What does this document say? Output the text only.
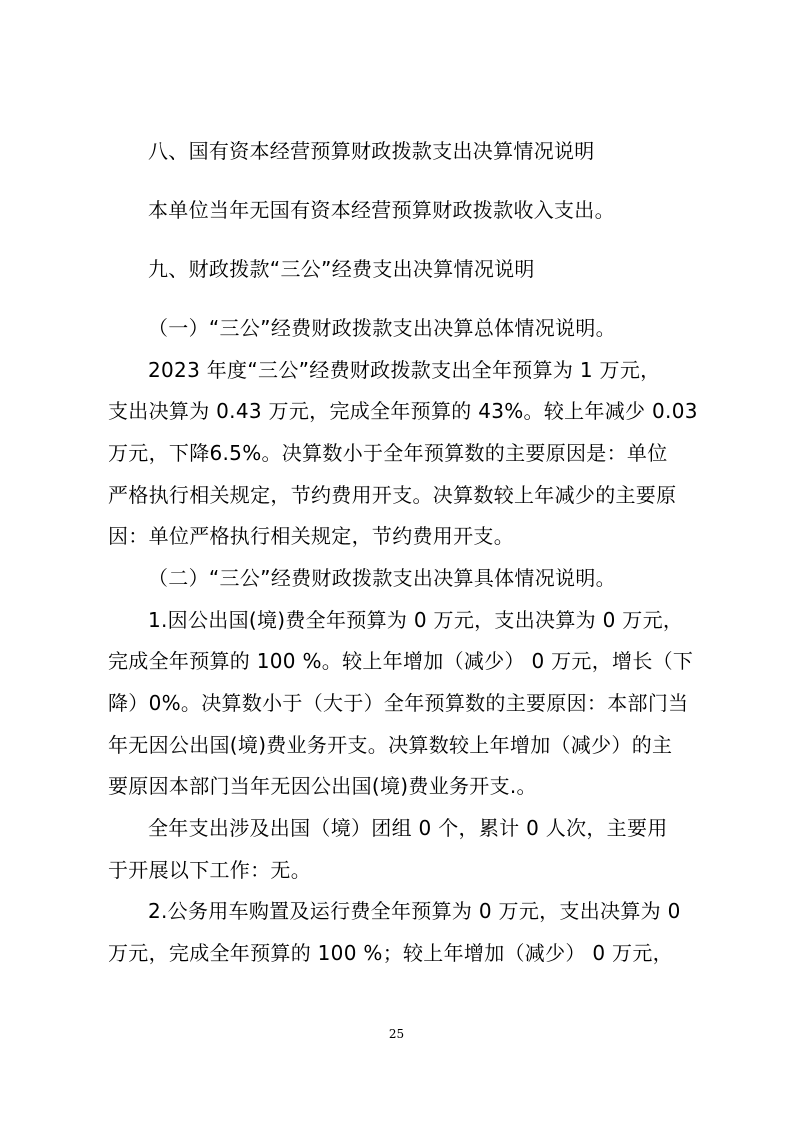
八、国有资本经营预算财政拨款支出决算情况说明
本单位当年无国有资本经营预算财政拨款收入支出。
九、财政拨款“三公”经费支出决算情况说明
（一）“三公”经费财政拨款支出决算总体情况说明。
2023 年度“三公”经费财政拨款支出全年预算为 1 万元，
支出决算为 0.43 万元，完成全年预算的 43%。较上年减少 0.03
万元，下降6.5%。决算数小于全年预算数的主要原因是：单位
严格执行相关规定，节约费用开支。决算数较上年减少的主要原
因：单位严格执行相关规定，节约费用开支。
（二）“三公”经费财政拨款支出决算具体情况说明。
1.因公出国(境)费全年预算为 0 万元，支出决算为 0 万元，
完成全年预算的 100 %。较上年增加（减少） 0 万元，增长（下
降）0%。决算数小于（大于）全年预算数的主要原因：本部门当
年无因公出国(境)费业务开支。决算数较上年增加（减少）的主
要原因本部门当年无因公出国(境)费业务开支.。
全年支出涉及出国（境）团组 0 个，累计 0 人次，主要用
于开展以下工作：无。
2.公务用车购置及运行费全年预算为 0 万元，支出决算为 0
万元，完成全年预算的 100 %；较上年增加（减少） 0 万元，
25
